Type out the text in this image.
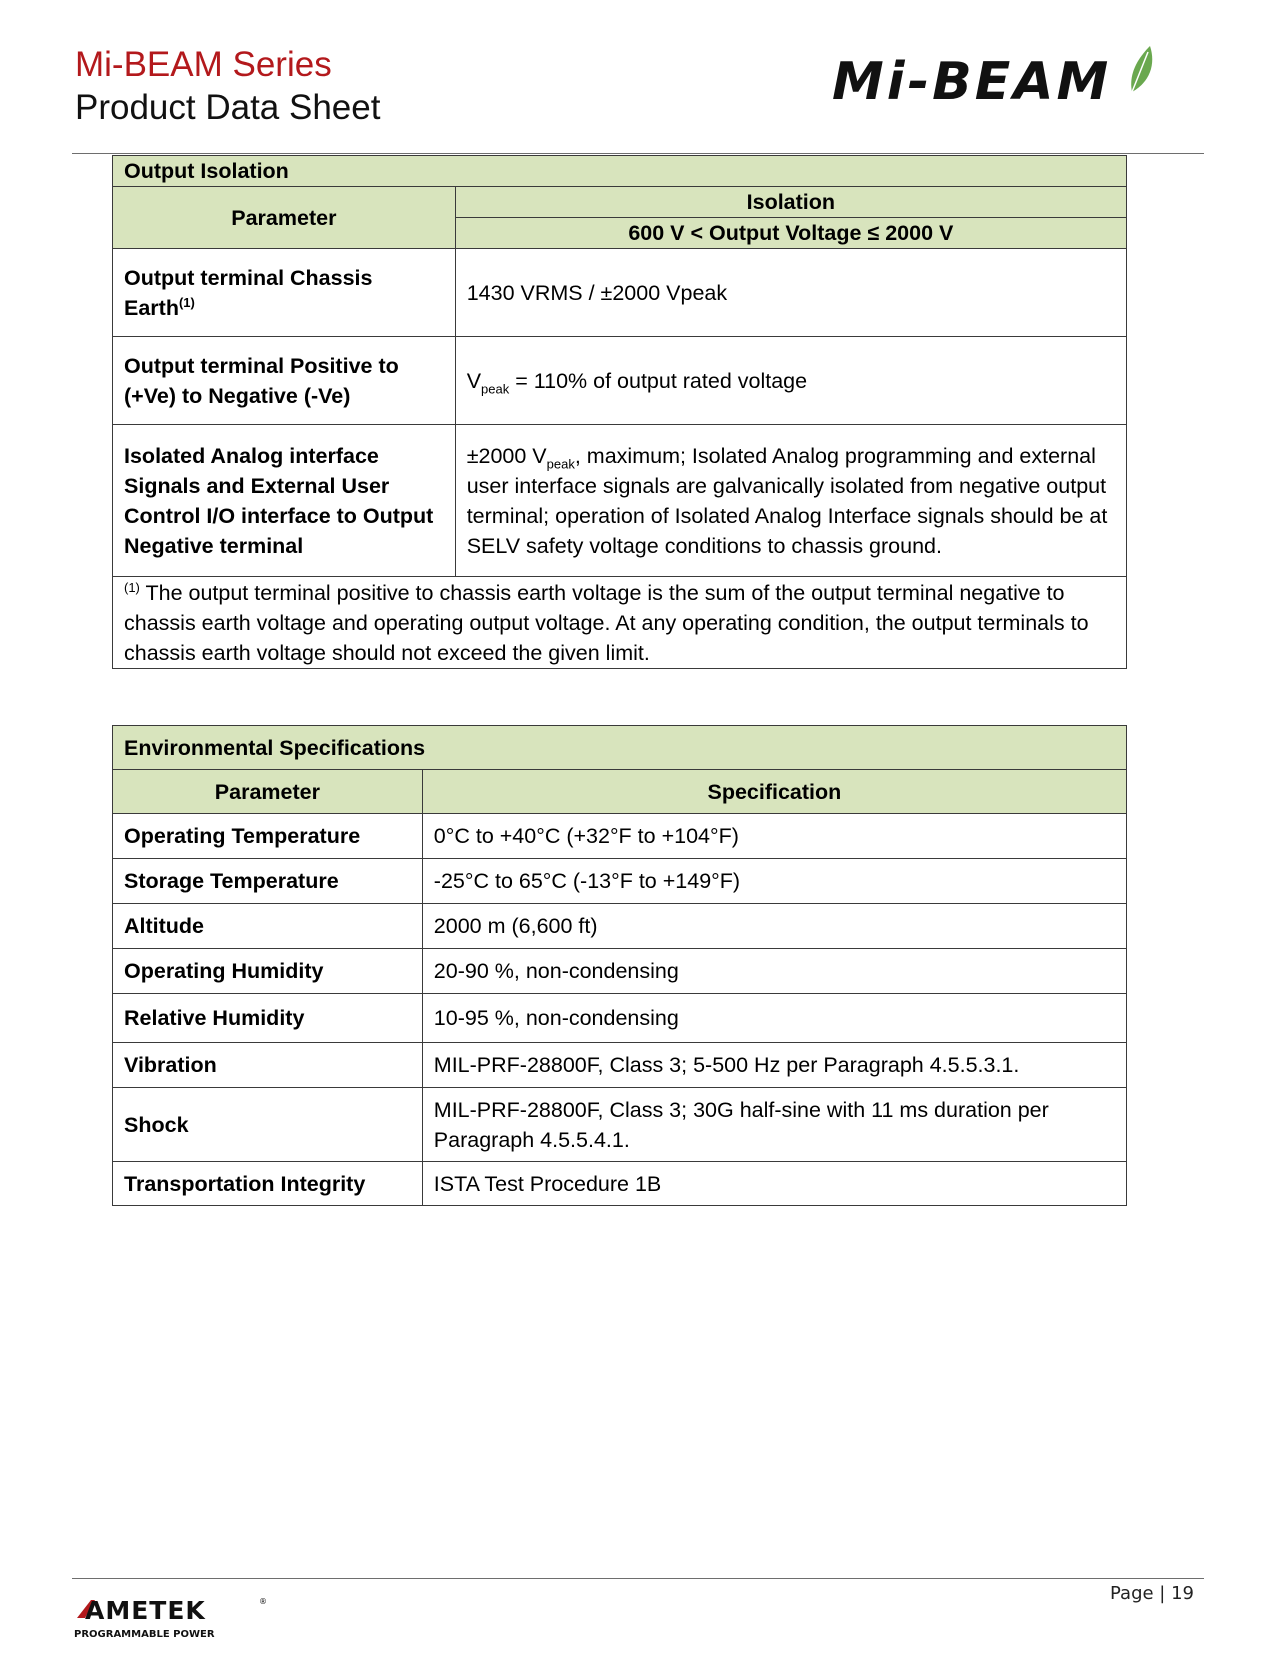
Mi-BEAM Series
Product Data Sheet	Mi-BEAM
Output Isolation	
Parameter	Isolation
	600 V < Output Voltage ≤ 2000 V
Output terminal Chassis Earth$^{(1)}$	1430 VRMS / ±2000 Vpeak
Output terminal Positive to (+Ve) to Negative (-Ve)	$V_{peak} = 110\%$ of output rated voltage
Isolated Analog interface Signals and External User Control I/O interface to Output Negative terminal	±2000 $V_{peak}$, maximum; Isolated Analog programming and external user interface signals are galvanically isolated from negative output terminal; operation of Isolated Analog Interface signals should be at SELV safety voltage conditions to chassis ground.
$^{(1)}$ The output terminal positive to chassis earth voltage is the sum of the output terminal negative to chassis earth voltage and operating output voltage. At any operating condition, the output terminals to chassis earth voltage should not exceed the given limit.	
Environmental Specifications	
Parameter	Specification
Operating Temperature	0°C to +40°C (+32°F to +104°F)
Storage Temperature	-25°C to 65°C (-13°F to +149°F)
Altitude	2000 m (6,600 ft)
Operating Humidity	20-90 %, non-condensing
Relative Humidity	10-95 %, non-condensing
Vibration	MIL-PRF-28800F, Class 3; 5-500 Hz per Paragraph 4.5.5.3.1.
Shock	MIL-PRF-28800F, Class 3; 30G half-sine with 11 ms duration per Paragraph 4.5.5.4.1.
Transportation Integrity	ISTA Test Procedure 1B
Page | 19
AMETEK	®
PROGRAMMABLE POWER
